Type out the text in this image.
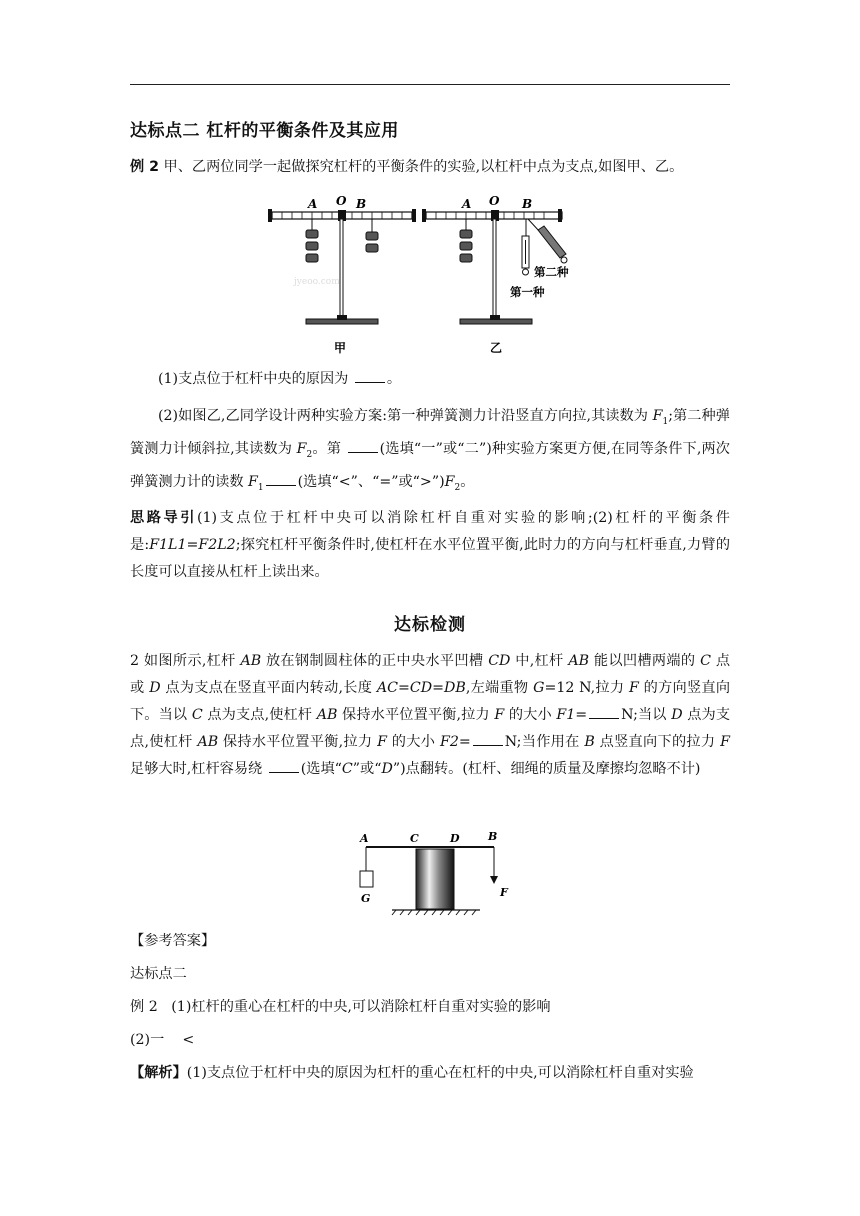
达标点二 杠杆的平衡条件及其应用

例 2 甲、乙两位同学一起做探究杠杆的平衡条件的实验,以杠杆中点为支点,如图甲、乙。

A O B
甲
A O B
第二种
第一种
乙
jyeoo.com

(1)支点位于杠杆中央的原因为 。

(2)如图乙,乙同学设计两种实验方案:第一种弹簧测力计沿竖直方向拉,其读数为 $F_1$;第二种弹簧测力计倾斜拉,其读数为 $F_2$。第 (选填“一”或“二”)种实验方案更方便,在同等条件下,两次弹簧测力计的读数 $F_1$ (选填“<”、“=”或“$>”)F_2$。

思路导引(1)支点位于杠杆中央可以消除杠杆自重对实验的影响;(2)杠杆的平衡条件是:F1L1=F2L2;探究杠杆平衡条件时,使杠杆在水平位置平衡,此时力的方向与杠杆垂直,力臂的长度可以直接从杠杆上读出来。

达标检测

2 如图所示,杠杆 AB 放在钢制圆柱体的正中央水平凹槽 CD 中,杠杆 AB 能以凹槽两端的 C 点或 D 点为支点在竖直平面内转动,长度 AC=CD=DB,左端重物 G=12 N,拉力 F 的方向竖直向下。当以 C 点为支点,使杠杆 AB 保持水平位置平衡,拉力 F 的大小 F1= N;当以 D 点为支点,使杠杆 AB 保持水平位置平衡,拉力 F 的大小 F2= N;当作用在 B 点竖直向下的拉力 F 足够大时,杠杆容易绕 (选填“C”或“D”)点翻转。(杠杆、细绳的质量及摩擦均忽略不计)

A	C	D	B
G	F

【参考答案】

达标点二

例 2 (1)杠杆的重心在杠杆的中央,可以消除杠杆自重对实验的影响

(2)一    <

【解析】(1)支点位于杠杆中央的原因为杠杆的重心在杠杆的中央,可以消除杠杆自重对实验
